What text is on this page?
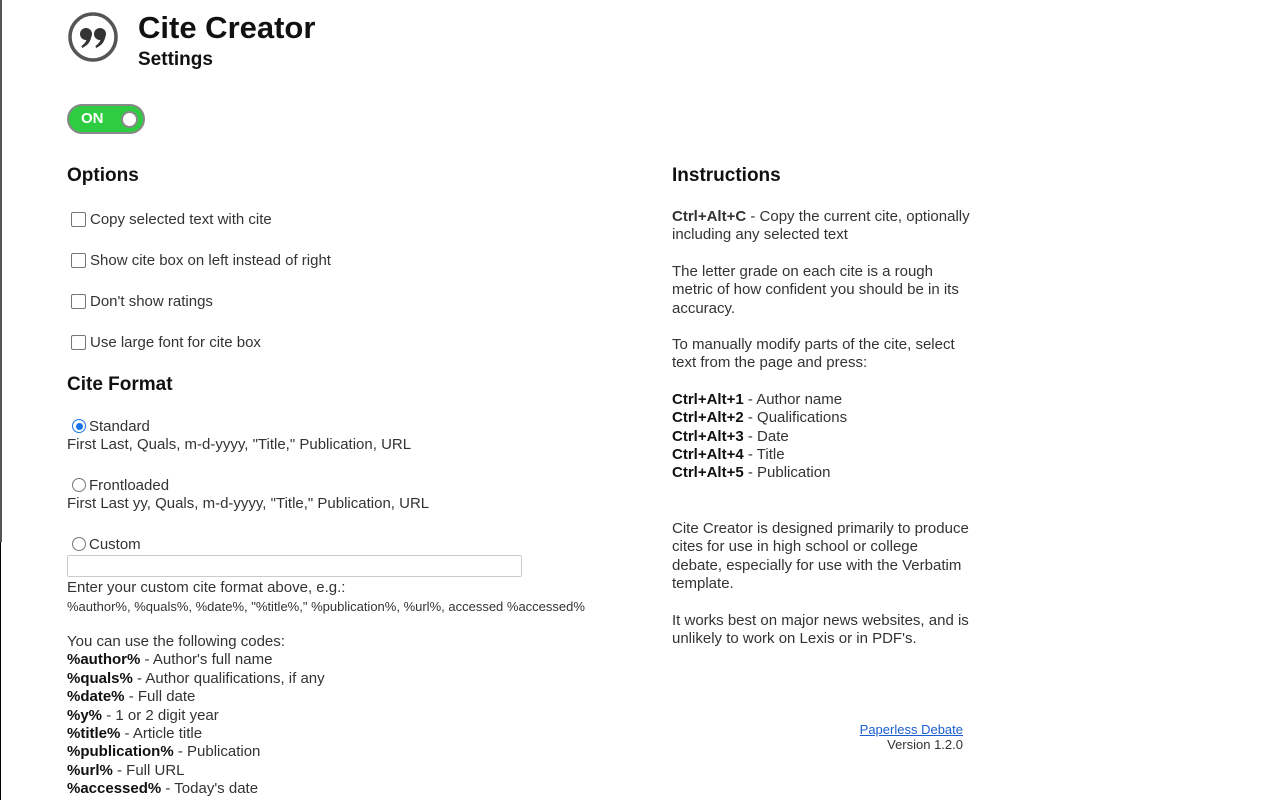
Cite Creator
Settings
ON
Options
Copy selected text with cite
Show cite box on left instead of right
Don't show ratings
Use large font for cite box
Cite Format
Standard
First Last, Quals, m-d-yyyy, "Title," Publication, URL
Frontloaded
First Last yy, Quals, m-d-yyyy, "Title," Publication, URL
Custom
Enter your custom cite format above, e.g.:
%author%, %quals%, %date%, "%title%," %publication%, %url%, accessed %accessed%
You can use the following codes:
%author% - Author's full name
%quals% - Author qualifications, if any
%date% - Full date
%y% - 1 or 2 digit year
%title% - Article title
%publication% - Publication
%url% - Full URL
%accessed% - Today's date
Instructions
Ctrl+Alt+C - Copy the current cite, optionally including any selected text
The letter grade on each cite is a rough metric of how confident you should be in its accuracy.
To manually modify parts of the cite, select text from the page and press:
Ctrl+Alt+1 - Author name
Ctrl+Alt+2 - Qualifications
Ctrl+Alt+3 - Date
Ctrl+Alt+4 - Title
Ctrl+Alt+5 - Publication
Cite Creator is designed primarily to produce cites for use in high school or college debate, especially for use with the Verbatim template.
It works best on major news websites, and is unlikely to work on Lexis or in PDF's.
Paperless Debate
Version 1.2.0
